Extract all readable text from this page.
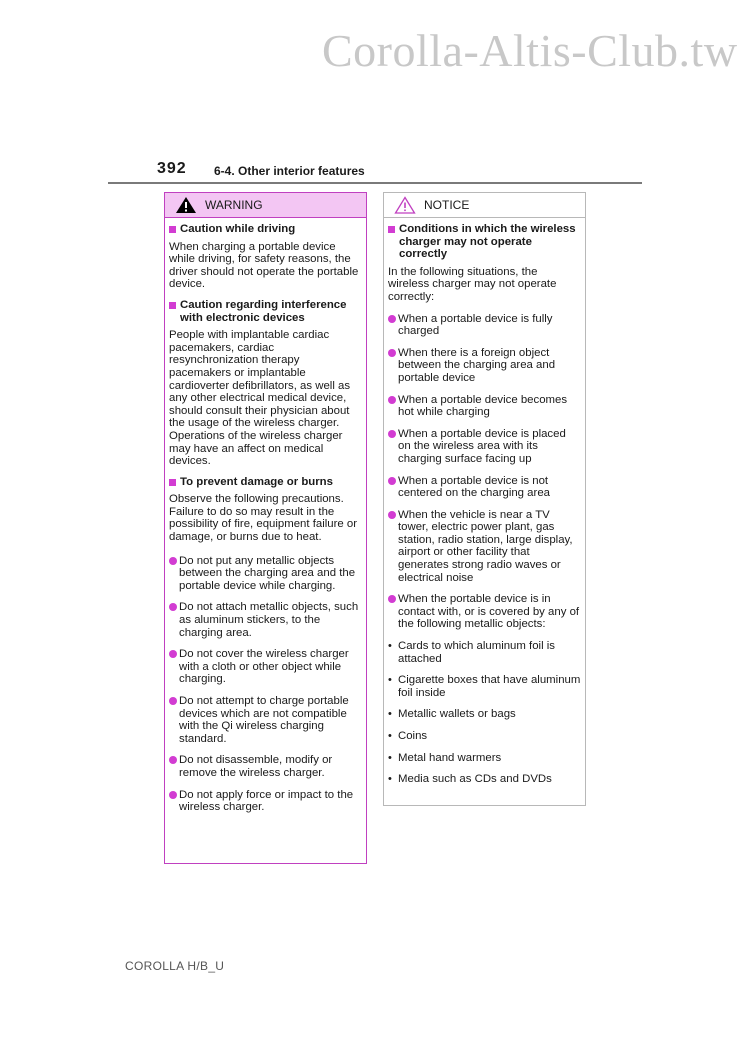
Corolla-Altis-Club.tw
392 6-4. Other interior features
WARNING
Caution while driving
When charging a portable device while driving, for safety reasons, the driver should not operate the portable device.
Caution regarding interference with electronic devices
People with implantable cardiac pacemakers, cardiac resynchronization therapy pacemakers or implantable cardioverter defibrillators, as well as any other electrical medical device, should consult their physician about the usage of the wireless charger.
Operations of the wireless charger may have an affect on medical devices.
To prevent damage or burns
Observe the following precautions.
Failure to do so may result in the possibility of fire, equipment failure or damage, or burns due to heat.
Do not put any metallic objects between the charging area and the portable device while charging.
Do not attach metallic objects, such as aluminum stickers, to the charging area.
Do not cover the wireless charger with a cloth or other object while charging.
Do not attempt to charge portable devices which are not compatible with the Qi wireless charging standard.
Do not disassemble, modify or remove the wireless charger.
Do not apply force or impact to the wireless charger.
NOTICE
Conditions in which the wireless charger may not operate correctly
In the following situations, the wireless charger may not operate correctly:
When a portable device is fully charged
When there is a foreign object between the charging area and portable device
When a portable device becomes hot while charging
When a portable device is placed on the wireless area with its charging surface facing up
When a portable device is not centered on the charging area
When the vehicle is near a TV tower, electric power plant, gas station, radio station, large display, airport or other facility that generates strong radio waves or electrical noise
When the portable device is in contact with, or is covered by any of the following metallic objects:
• Cards to which aluminum foil is attached
• Cigarette boxes that have aluminum foil inside
• Metallic wallets or bags
• Coins
• Metal hand warmers
• Media such as CDs and DVDs
COROLLA H/B_U
